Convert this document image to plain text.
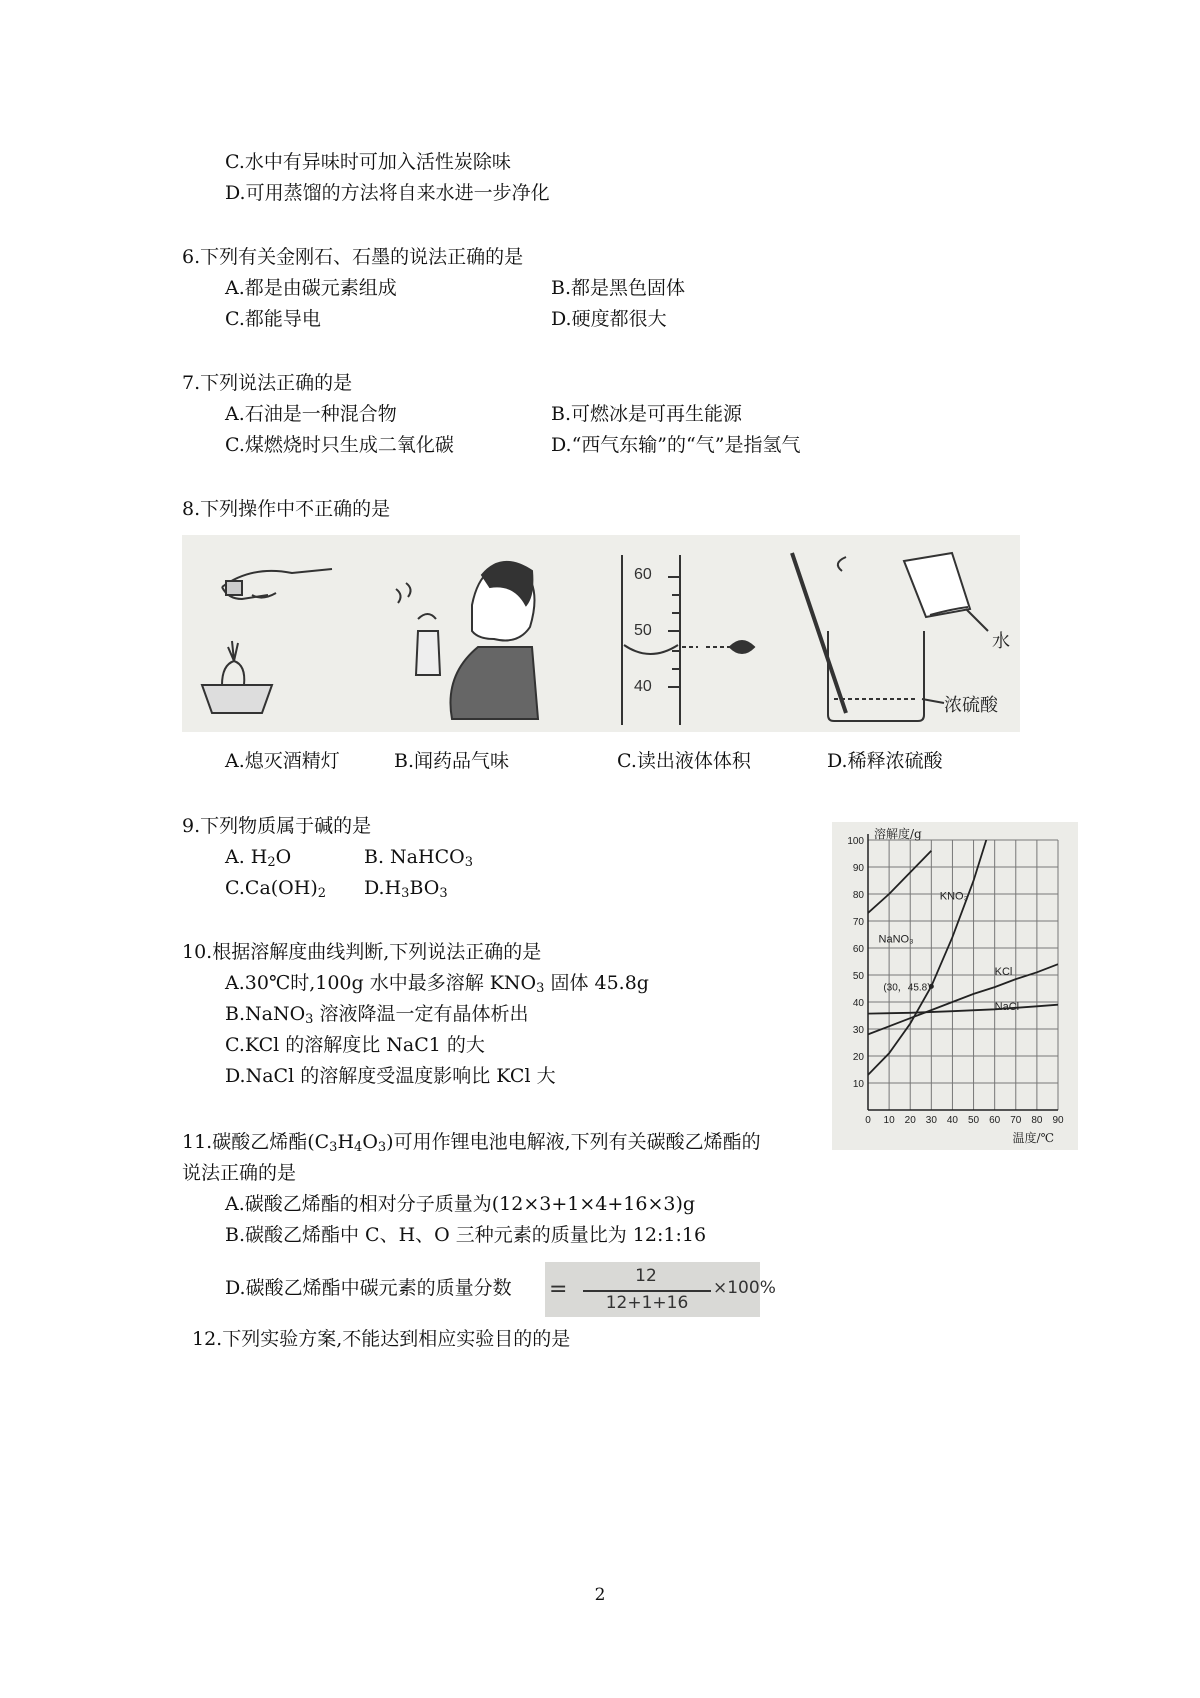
C.水中有异味时可加入活性炭除味
D.可用蒸馏的方法将自来水进一步净化
6.下列有关金刚石、石墨的说法正确的是
A.都是由碳元素组成	B.都是黑色固体
C.都能导电	D.硬度都很大
7.下列说法正确的是
A.石油是一种混合物	B.可燃冰是可再生能源
C.煤燃烧时只生成二氧化碳	D.“西气东输”的“气”是指氢气
8.下列操作中不正确的是
60
50
40
水
浓硫酸
A.熄灭酒精灯	B.闻药品气味	C.读出液体体积	D.稀释浓硫酸
9.下列物质属于碱的是
A. $H_2O$	B. NaHCO$_3$
$C.Ca(OH)_2$ $D.H_3BO_3$
10.根据溶解度曲线判断,下列说法正确的是
A.30℃时,100g 水中最多溶解 $KNO_3$ 固体 45.8g
B.NaNO$_3$ 溶液降温一定有晶体析出
C.KCl 的溶解度比 NaC1 的大
D.NaCl 的溶解度受温度影响比 KCl 大
(30，45.8)
NaNO₃
KNO₃
KCl
NaCl
10
20
30
40
50
60
70
80
90
100
0 10 20 30 40 50 60 70 80 90
溶解度/g
温度/℃
11.碳酸乙烯酯$(C_3H_4O_3)$可用作锂电池电解液,下列有关碳酸乙烯酯的
说法正确的是
A.碳酸乙烯酯的相对分子质量为(12×3+1×4+16×3)g
B.碳酸乙烯酯中 C、H、O 三种元素的质量比为 12:1:16
D.碳酸乙烯酯中碳元素的质量分数 =
12
12+1+16
×100%
12.下列实验方案,不能达到相应实验目的的是
2
